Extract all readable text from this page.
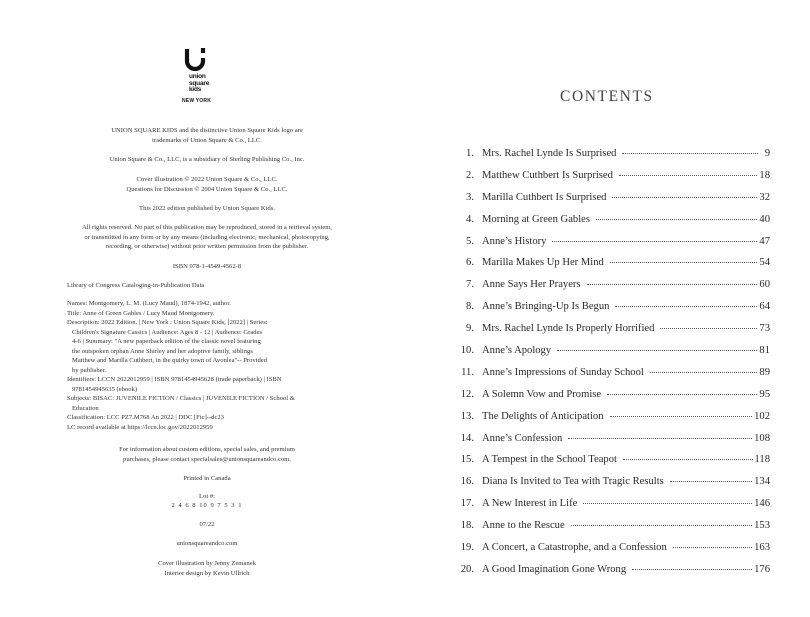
union
square
kids
NEW YORK
UNION SQUARE KIDS and the distinctive Union Square Kids logo are
trademarks of Union Square & Co., LLC.
Union Square & Co., LLC, is a subsidiary of Sterling Publishing Co., Inc.
Cover illustration © 2022 Union Square & Co., LLC.
Questions for Discussion © 2004 Union Square & Co., LLC.
This 2022 edition published by Union Square Kids.
All rights reserved. No part of this publication may be reproduced, stored in a retrieval system,
or transmitted in any form or by any means (including electronic, mechanical, photocopying,
recording, or otherwise) without prior written permission from the publisher.
ISBN 978-1-4549-4562-8
Library of Congress Cataloging-in-Publication Data
Names: Montgomery, L. M. (Lucy Maud), 1874-1942, author.
Title: Anne of Green Gables / Lucy Maud Montgomery.
Description: 2022 Edition. | New York : Union Square Kids, [2022] | Series:
Children's Signature Cassics | Audience: Ages 8 - 12 | Audience: Grades
4-6 | Summary: "A new paperback edition of the classic novel featuring
the outspoken orphan Anne Shirley and her adoptive family, siblings
Matthew and Marilla Cuthbert, in the quirky town of Avonlea"-- Provided
by publisher.
Identifiers: LCCN 2022012959 | ISBN 9781454945628 (trade paperback) | ISBN
9781454945635 (ebook)
Subjects: BISAC: JUVENILE FICTION / Classics | JUVENILE FICTION / School &
Education
Classification: LCC PZ7.M768 An 2022 | DDC [Fic]--dc23
LC record available at https://lccn.loc.gov/2022012959
For information about custom editions, special sales, and premium
purchases, please contact specialsales@unionsquareandco.com.
Printed in Canada
Lot #:
2 4 6 8 10 9 7 5 3 1
07/22
unionsquareandco.com
Cover illustration by Jenny Zemanek
Interior design by Kevin Ullrich
CONTENTS
1. Mrs. Rachel Lynde Is Surprised	9
2. Matthew Cuthbert Is Surprised	18
3. Marilla Cuthbert Is Surprised	32
4. Morning at Green Gables	40
5. Anne’s History	47
6. Marilla Makes Up Her Mind	54
7. Anne Says Her Prayers	60
8. Anne’s Bringing-Up Is Begun	64
9. Mrs. Rachel Lynde Is Properly Horrified	73
10. Anne’s Apology	81
11. Anne’s Impressions of Sunday School	89
12. A Solemn Vow and Promise	95
13. The Delights of Anticipation	102
14. Anne’s Confession	108
15. A Tempest in the School Teapot	118
16. Diana Is Invited to Tea with Tragic Results	134
17. A New Interest in Life	146
18. Anne to the Rescue	153
19. A Concert, a Catastrophe, and a Confession	163
20. A Good Imagination Gone Wrong	176
